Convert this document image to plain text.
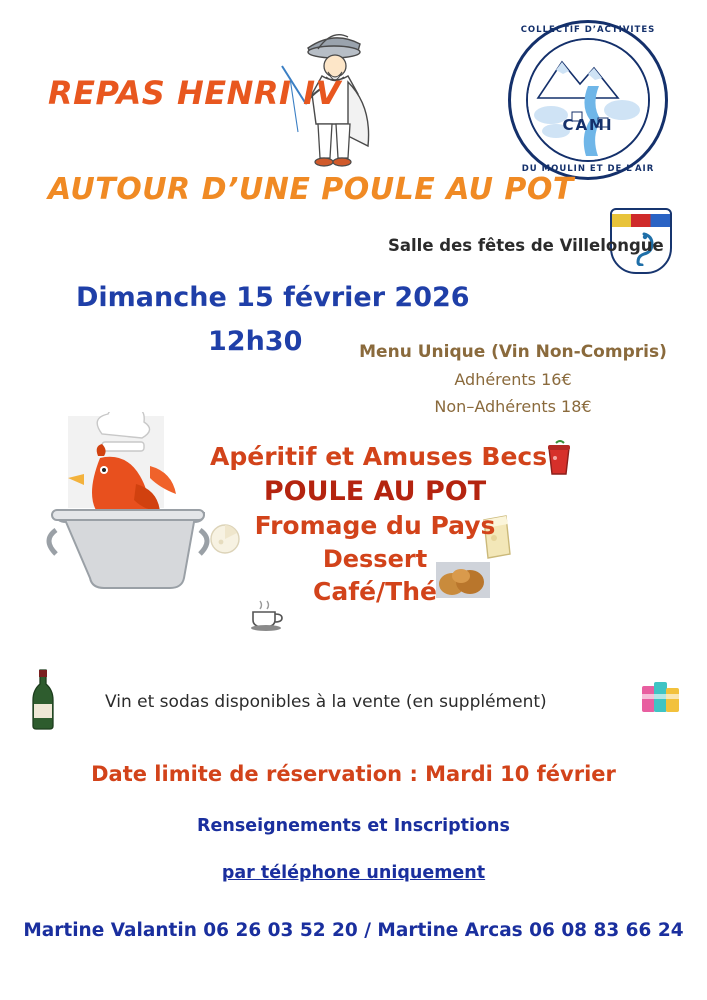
CAMI
COLLECTIF D’ACTIVITES
DU MOULIN ET DE L’AIR
REPAS HENRI IV
AUTOUR D’UNE POULE AU POT
Salle des fêtes de Villelongue
Dimanche 15 février 2026
12h30	Menu Unique (Vin Non-Compris)
Adhérents 16€
Non–Adhérents 18€
Apéritif et Amuses Becs
POULE AU POT
Fromage du Pays
Dessert
Café/Thé
Vin et sodas disponibles à la vente (en supplément)
Date limite de réservation : Mardi 10 février
Renseignements et Inscriptions
par téléphone uniquement
Martine Valantin 06 26 03 52 20 / Martine Arcas 06 08 83 66 24
